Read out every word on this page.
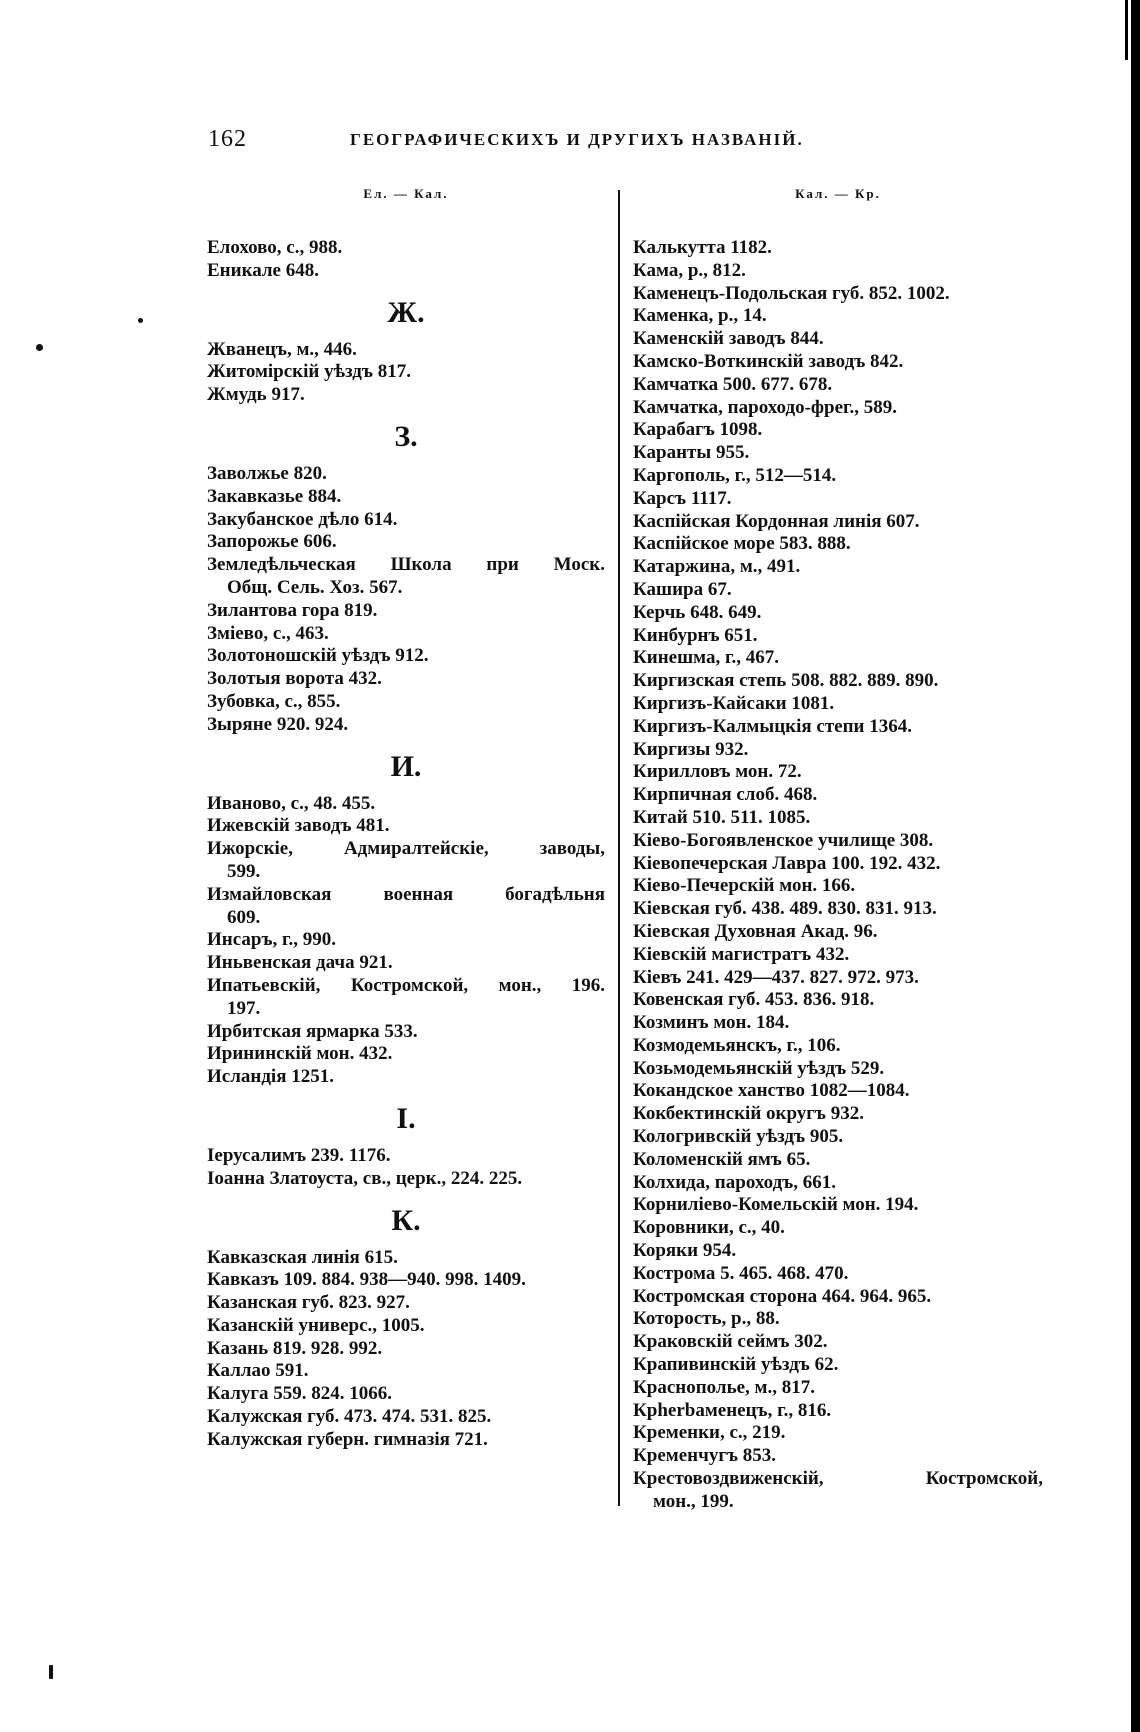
162	ГЕОГРАФИЧЕСКИХЪ И ДРУГИХЪ НАЗВАНІЙ.
Ел. — Кал.
Елохово, с., 988.
Еникале 648.
Ж.
Жванецъ, м., 446.
Житомірскій уѣздъ 817.
Жмудь 917.
З.
Заволжье 820.
Закавказье 884.
Закубанское дѣло 614.
Запорожье 606.
Земледѣльческая Школа при Моск.
Общ. Сель. Хоз. 567.
Зилантова гора 819.
Зміево, с., 463.
Золотоношскій уѣздъ 912.
Золотыя ворота 432.
Зубовка, с., 855.
Зыряне 920. 924.
И.
Иваново, с., 48. 455.
Ижевскій заводъ 481.
Ижорскіе,	Адмиралтейскіе,	заводы,
599.
Измайловская	военная	богадѣльня
609.
Инсаръ, г., 990.
Иньвенская дача 921.
Ипатьевскій, Костромской, мон., 196.
197.
Ирбитская ярмарка 533.
Ирининскій мон. 432.
Исландія 1251.
І.
Іерусалимъ 239. 1176.
Іоанна Златоуста, св., церк., 224. 225.
К.
Кавказская линія 615.
Кавказъ 109. 884. 938—940. 998. 1409.
Казанская губ. 823. 927.
Казанскій универс., 1005.
Казань 819. 928. 992.
Каллао 591.
Калуга 559. 824. 1066.
Калужская губ. 473. 474. 531. 825.
Калужская губерн. гимназія 721.
Кал. — Кр.
Калькутта 1182.
Кама, р., 812.
Каменецъ-Подольская губ. 852. 1002.
Каменка, р., 14.
Каменскій заводъ 844.
Камско-Воткинскій заводъ 842.
Камчатка 500. 677. 678.
Камчатка, пароходо-фрег., 589.
Карабагъ 1098.
Каранты 955.
Каргополь, г., 512—514.
Карсъ 1117.
Каспійская Кордонная линія 607.
Каспійское море 583. 888.
Катаржина, м., 491.
Кашира 67.
Керчь 648. 649.
Кинбурнъ 651.
Кинешма, г., 467.
Киргизская степь 508. 882. 889. 890.
Киргизъ-Кайсаки 1081.
Киргизъ-Калмыцкія степи 1364.
Киргизы 932.
Кирилловъ мон. 72.
Кирпичная слоб. 468.
Китай 510. 511. 1085.
Кіево-Богоявленское училище 308.
Кіевопечерская Лавра 100. 192. 432.
Кіево-Печерскій мон. 166.
Кіевская губ. 438. 489. 830. 831. 913.
Кіевская Духовная Акад. 96.
Кіевскій магистратъ 432.
Кіевъ 241. 429—437. 827. 972. 973.
Ковенская губ. 453. 836. 918.
Козминъ мон. 184.
Козмодемьянскъ, г., 106.
Козьмодемьянскій уѣздъ 529.
Кокандское ханство 1082—1084.
Кокбектинскій округъ 932.
Кологривскій уѣздъ 905.
Коломенскій ямъ 65.
Колхида, пароходъ, 661.
Корниліево-Комельскій мон. 194.
Коровники, с., 40.
Коряки 954.
Кострома 5. 465. 468. 470.
Костромская сторона 464. 964. 965.
Которость, р., 88.
Краковскій сеймъ 302.
Крапивинскій уѣздъ 62.
Краснополье, м., 817.
Крherbаменецъ, г., 816.
Кременки, с., 219.
Кременчугъ 853.
Крестовоздвиженскій,	Костромской,
мон., 199.
